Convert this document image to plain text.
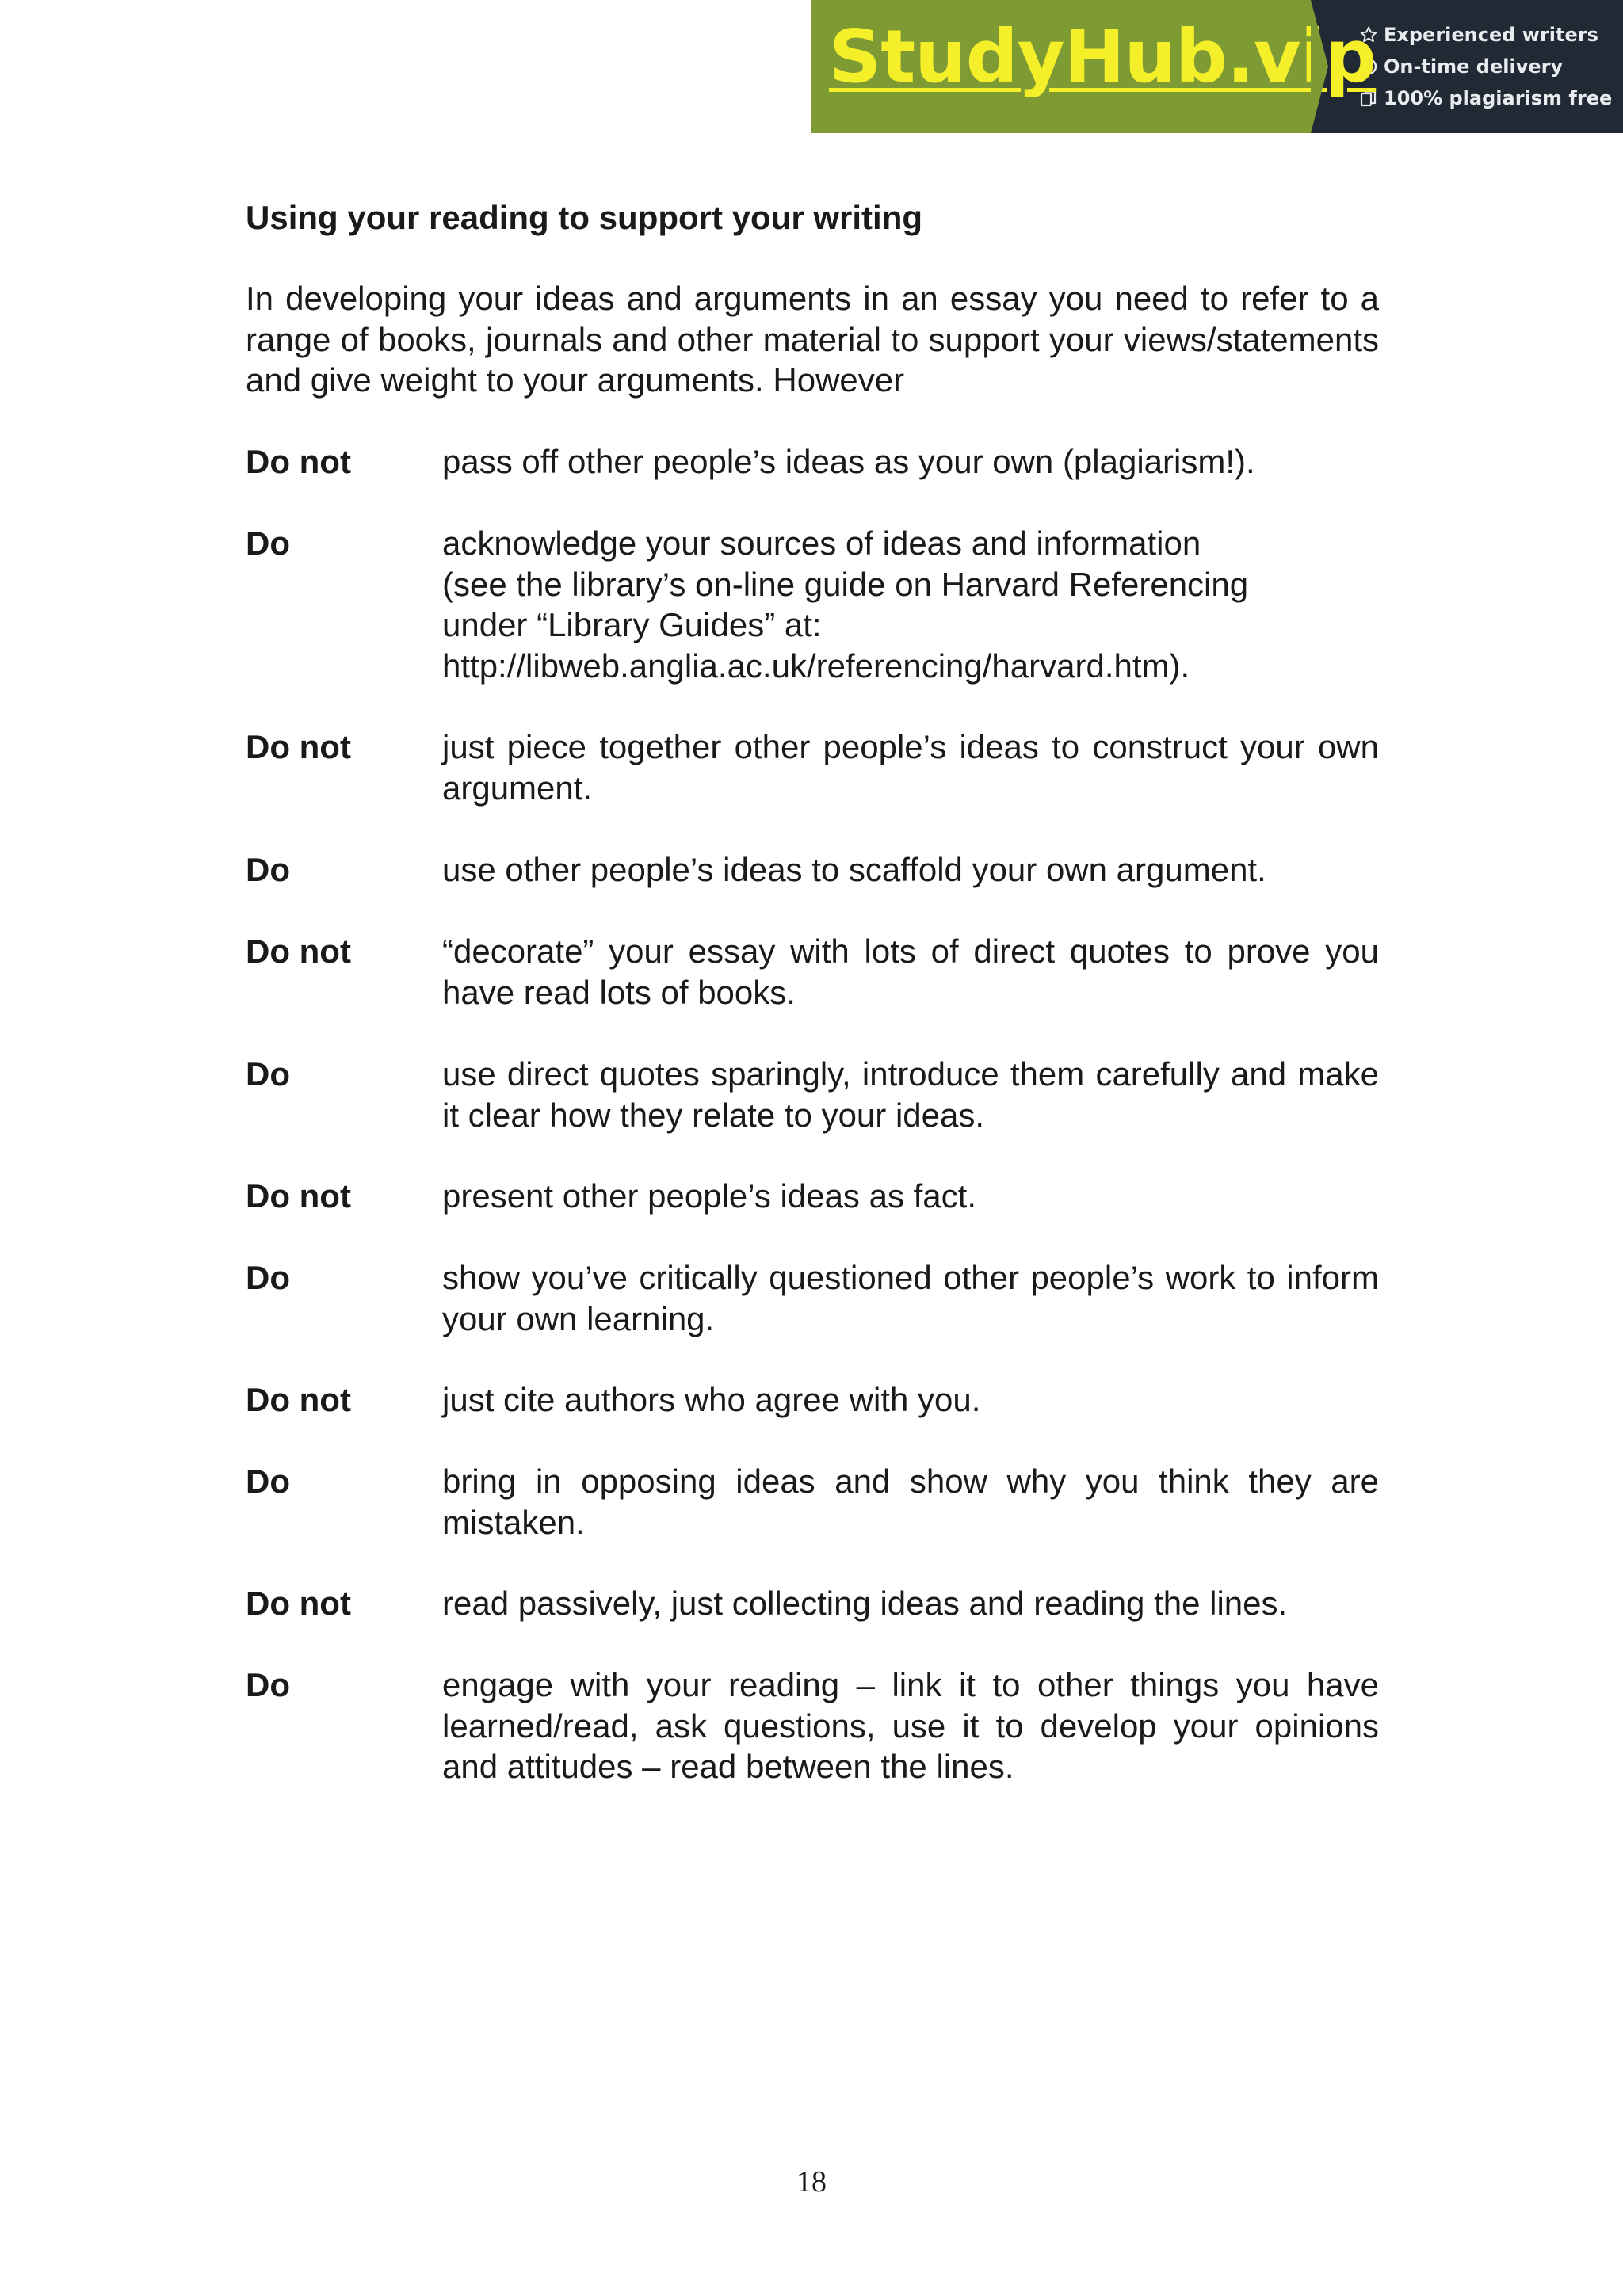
StudyHub.vip Experienced writers
On-time delivery
100% plagiarism free
Using your reading to support your writing

In developing your ideas and arguments in an essay you need to refer to a range of books, journals and other material to support your views/statements and give weight to your arguments. However

Do not	pass off other people’s ideas as your own (plagiarism!).

Do	acknowledge your sources of ideas and information
(see the library’s on-line guide on Harvard Referencing
under “Library Guides” at:
http://libweb.anglia.ac.uk/referencing/harvard.htm).

Do not	just piece together other people’s ideas to construct your own argument.

Do	use other people’s ideas to scaffold your own argument.

Do not	“decorate” your essay with lots of direct quotes to prove you have read lots of books.

Do	use direct quotes sparingly, introduce them carefully and make it clear how they relate to your ideas.

Do not	present other people’s ideas as fact.

Do	show you’ve critically questioned other people’s work to inform your own learning.

Do not	just cite authors who agree with you.

Do	bring in opposing ideas and show why you think they are mistaken.

Do not	read passively, just collecting ideas and reading the lines.

Do	engage with your reading – link it to other things you have learned/read, ask questions, use it to develop your opinions and attitudes – read between the lines.

18
